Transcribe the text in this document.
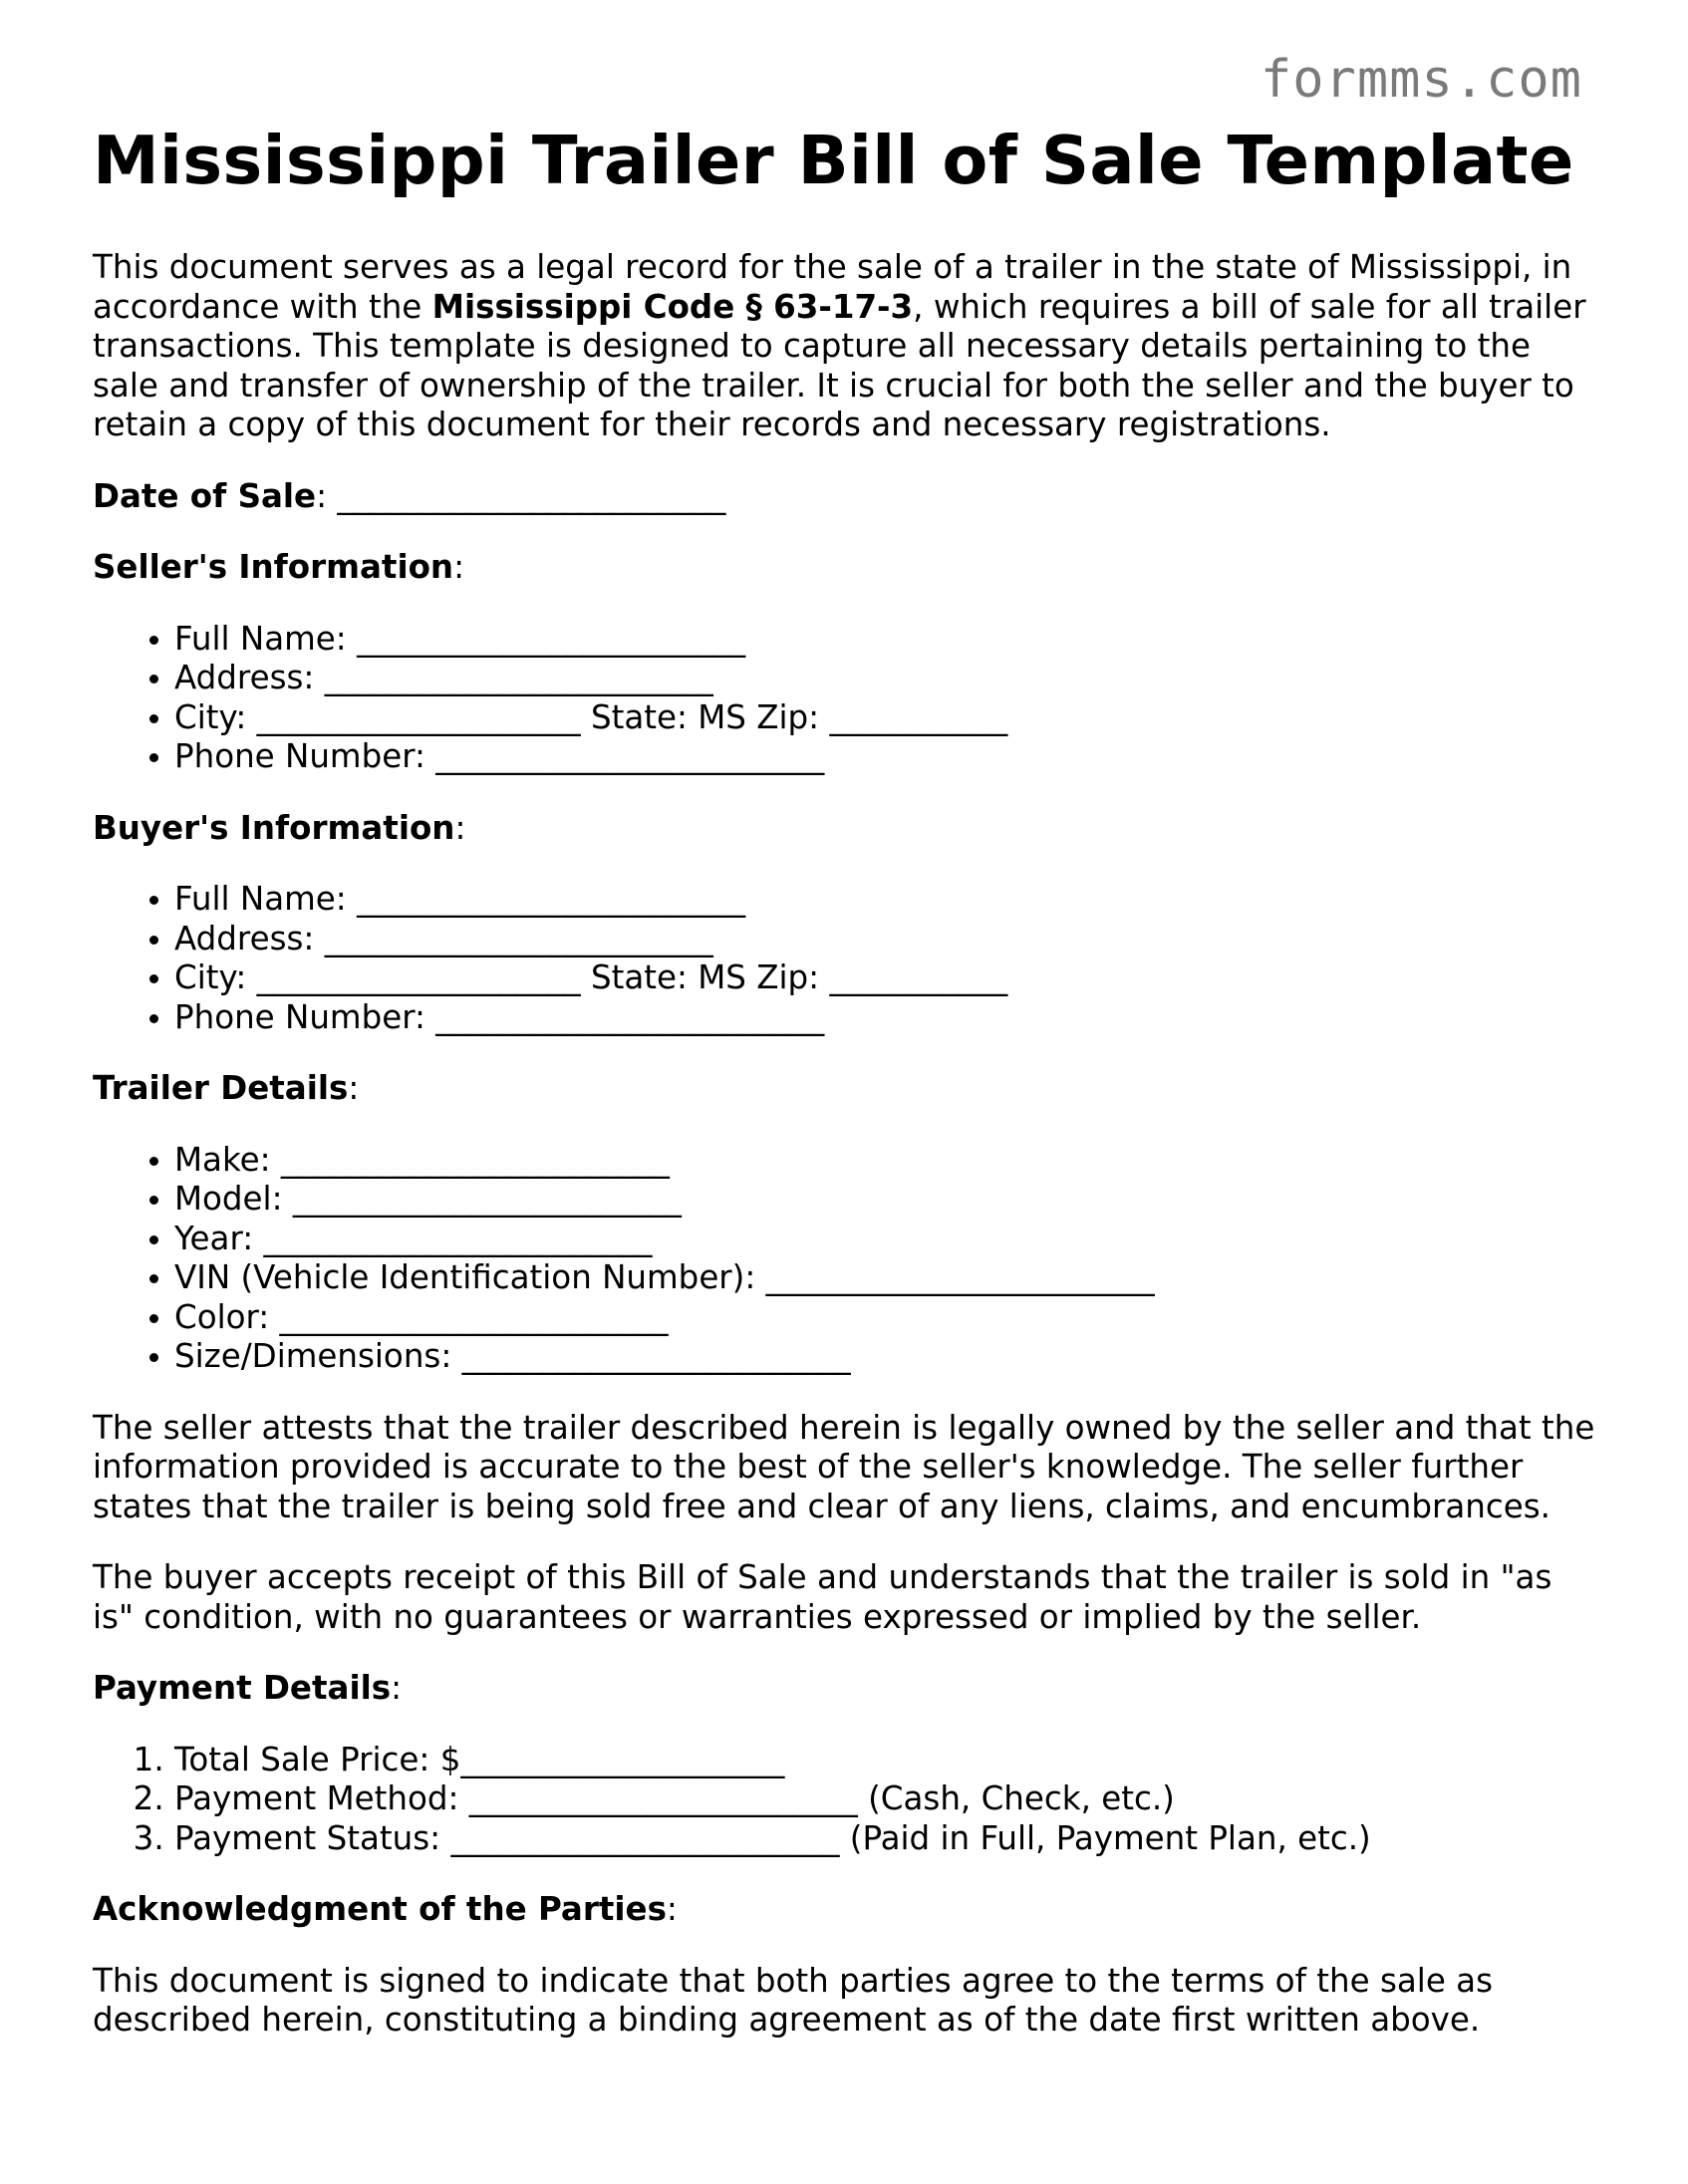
formms.com
Mississippi Trailer Bill of Sale Template

This document serves as a legal record for the sale of a trailer in the state of Mississippi, in accordance with the Mississippi Code § 63-17-3, which requires a bill of sale for all trailer transactions. This template is designed to capture all necessary details pertaining to the sale and transfer of ownership of the trailer. It is crucial for both the seller and the buyer to retain a copy of this document for their records and necessary registrations.

Date of Sale: ________________________

Seller's Information:

• Full Name: ________________________
• Address: ________________________
• City: ____________________ State: MS Zip: ___________
• Phone Number: ________________________

Buyer's Information:

• Full Name: ________________________
• Address: ________________________
• City: ____________________ State: MS Zip: ___________
• Phone Number: ________________________

Trailer Details:

• Make: ________________________
• Model: ________________________
• Year: ________________________
• VIN (Vehicle Identification Number): ________________________
• Color: ________________________
• Size/Dimensions: ________________________

The seller attests that the trailer described herein is legally owned by the seller and that the information provided is accurate to the best of the seller's knowledge. The seller further states that the trailer is being sold free and clear of any liens, claims, and encumbrances.

The buyer accepts receipt of this Bill of Sale and understands that the trailer is sold in "as is" condition, with no guarantees or warranties expressed or implied by the seller.

Payment Details:

1. Total Sale Price: $____________________
2. Payment Method: ________________________ (Cash, Check, etc.)
3. Payment Status: ________________________ (Paid in Full, Payment Plan, etc.)

Acknowledgment of the Parties:

This document is signed to indicate that both parties agree to the terms of the sale as described herein, constituting a binding agreement as of the date first written above.
